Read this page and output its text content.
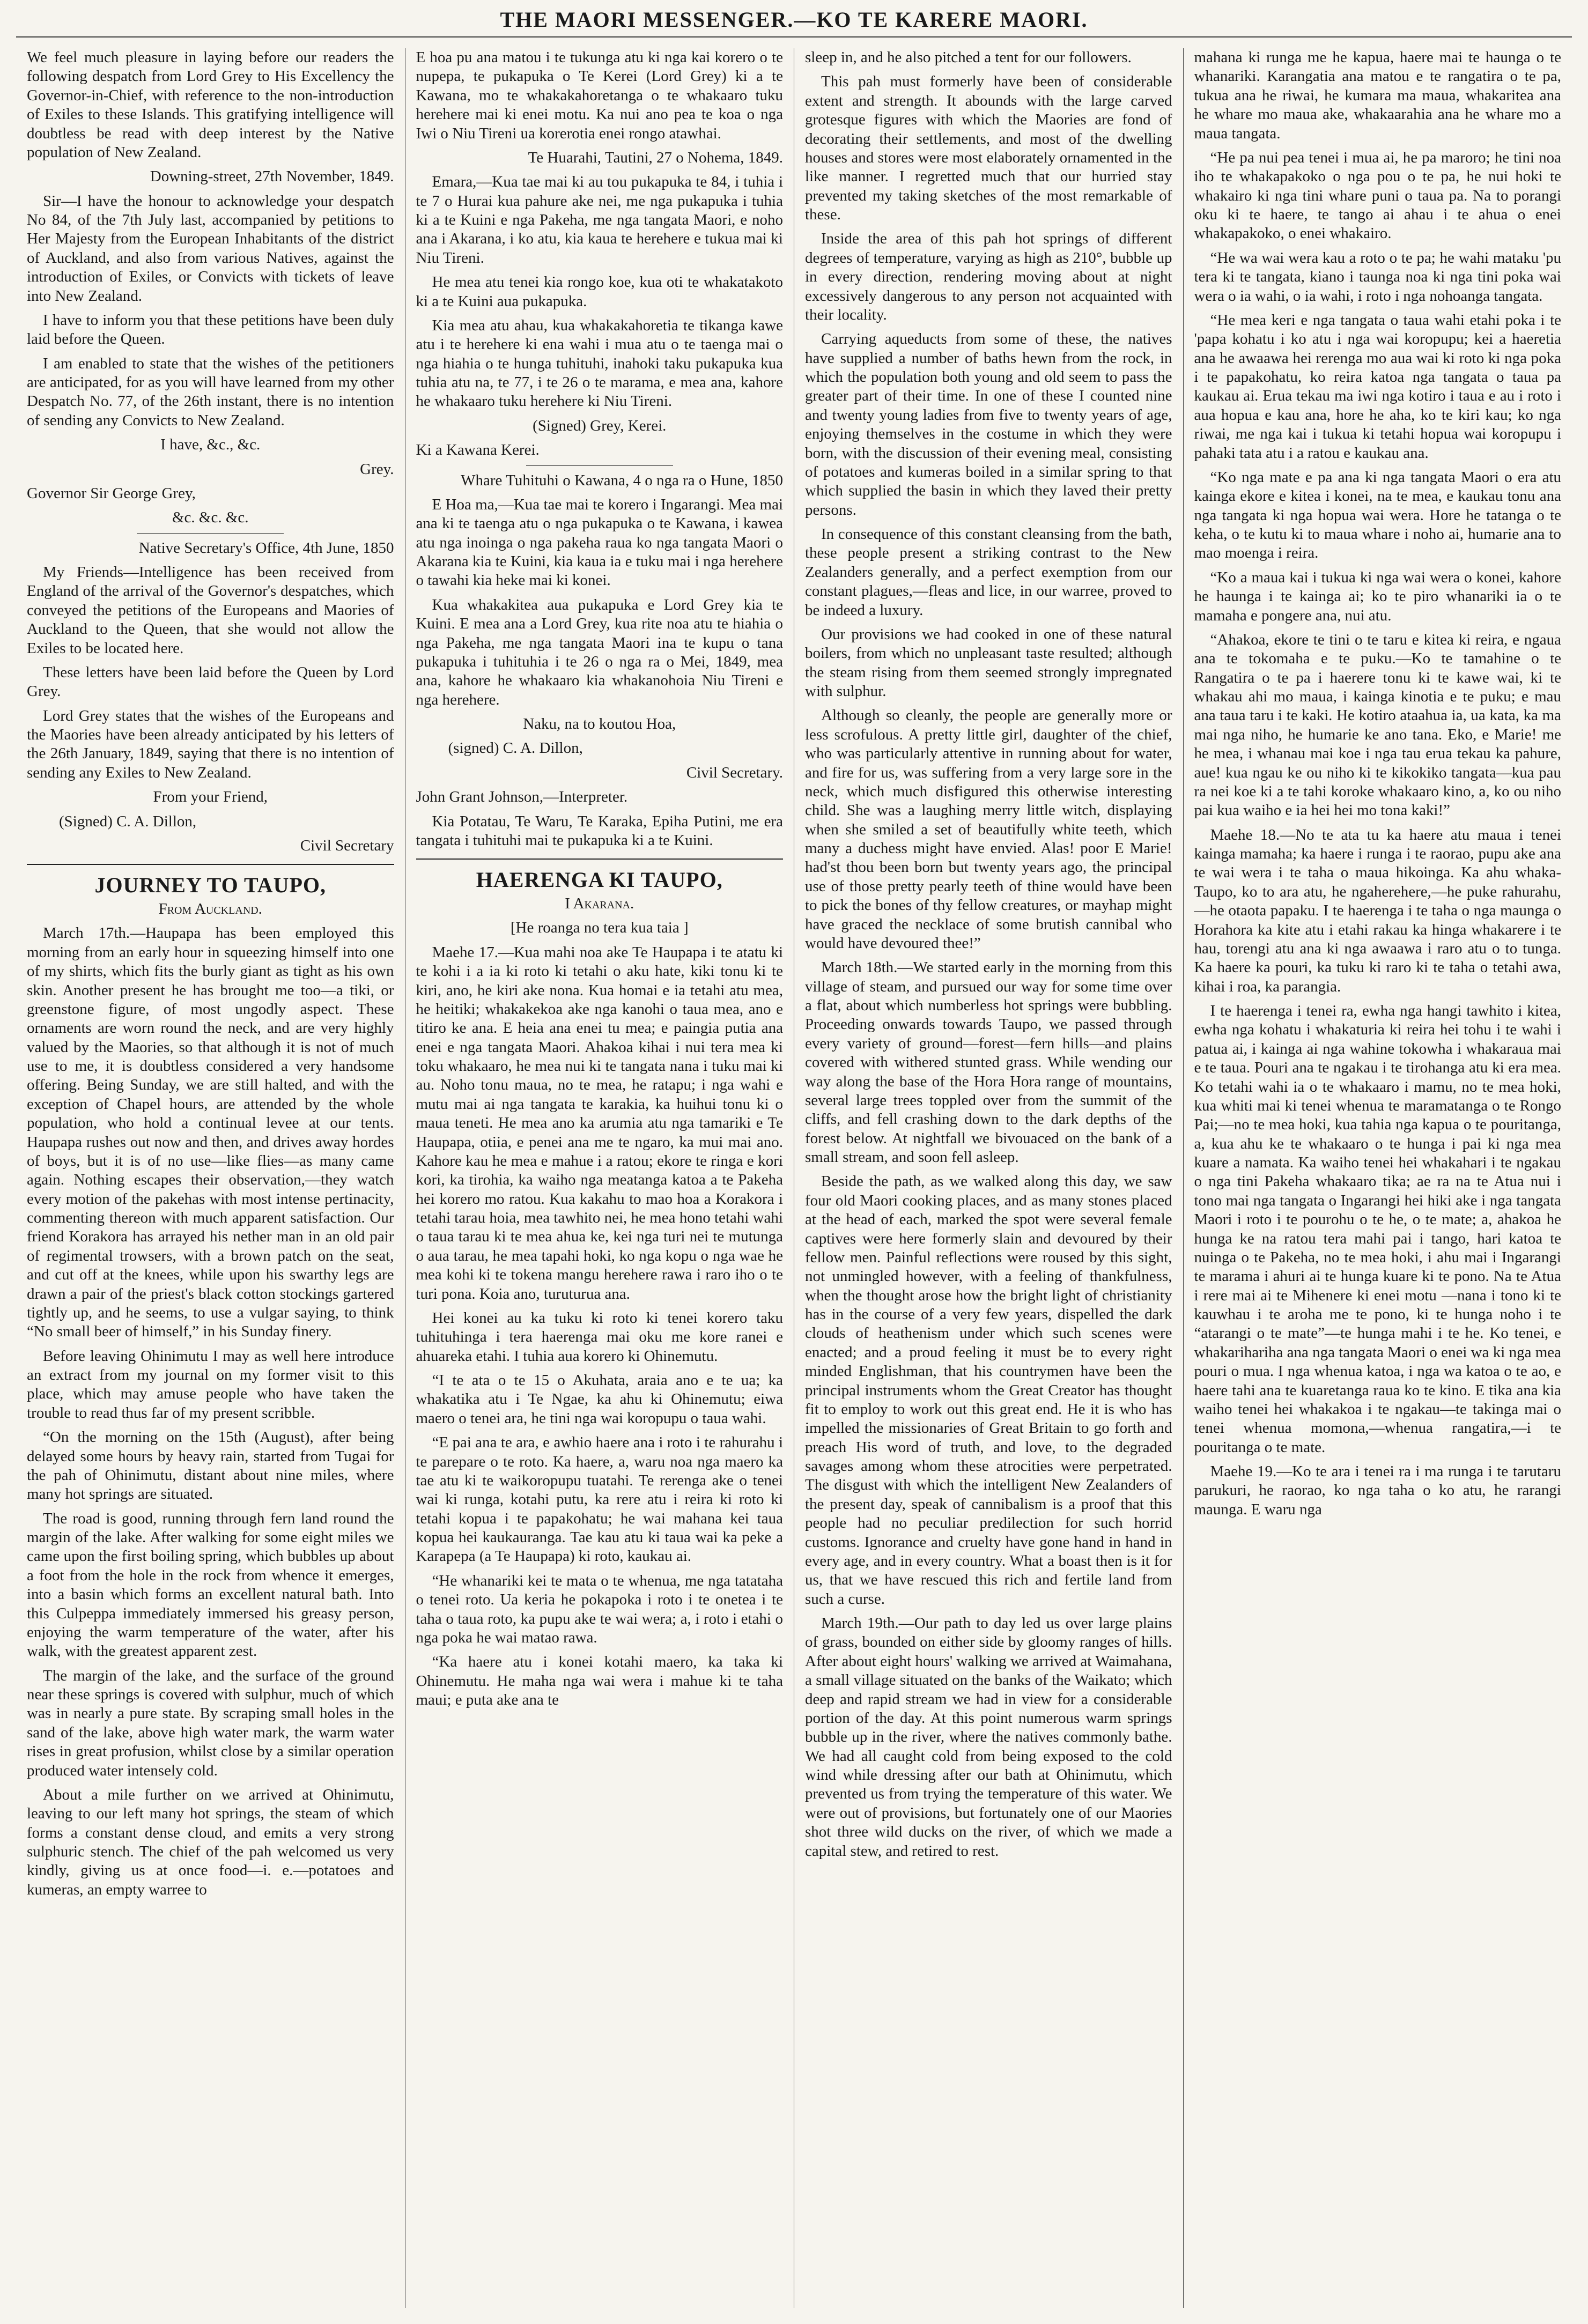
THE MAORI MESSENGER.—KO TE KARERE MAORI.

We feel much pleasure in laying before our readers the following despatch from Lord Grey to His Excellency the Governor-in-Chief, with reference to the non-introduction of Exiles to these Islands. This gratifying intelligence will doubtless be read with deep interest by the Native population of New Zealand.

Downing-street, 27th November, 1849.

Sir—I have the honour to acknowledge your despatch No 84, of the 7th July last, accompanied by petitions to Her Majesty from the European Inhabitants of the district of Auckland, and also from various Natives, against the introduction of Exiles, or Convicts with tickets of leave into New Zealand.

I have to inform you that these petitions have been duly laid before the Queen.

I am enabled to state that the wishes of the petitioners are anticipated, for as you will have learned from my other Despatch No. 77, of the 26th instant, there is no intention of sending any Convicts to New Zealand.

I have, &c., &c.

Grey.

Governor Sir George Grey,

&c. &c. &c.

Native Secretary's Office, 4th June, 1850

My Friends—Intelligence has been received from England of the arrival of the Governor's despatches, which conveyed the petitions of the Europeans and Maories of Auckland to the Queen, that she would not allow the Exiles to be located here.

These letters have been laid before the Queen by Lord Grey.

Lord Grey states that the wishes of the Europeans and the Maories have been already anticipated by his letters of the 26th January, 1849, saying that there is no intention of sending any Exiles to New Zealand.

From your Friend,

(Signed) C. A. Dillon,

Civil Secretary

JOURNEY TO TAUPO,
From Auckland.

March 17th.—Haupapa has been employed this morning from an early hour in squeezing himself into one of my shirts, which fits the burly giant as tight as his own skin. Another present he has brought me too—a tiki, or greenstone figure, of most ungodly aspect. These ornaments are worn round the neck, and are very highly valued by the Maories, so that although it is not of much use to me, it is doubtless considered a very handsome offering. Being Sunday, we are still halted, and with the exception of Chapel hours, are attended by the whole population, who hold a continual levee at our tents. Haupapa rushes out now and then, and drives away hordes of boys, but it is of no use—like flies—as many came again. Nothing escapes their observation,—they watch every motion of the pakehas with most intense pertinacity, commenting thereon with much apparent satisfaction. Our friend Korakora has arrayed his nether man in an old pair of regimental trowsers, with a brown patch on the seat, and cut off at the knees, while upon his swarthy legs are drawn a pair of the priest's black cotton stockings gartered tightly up, and he seems, to use a vulgar saying, to think “No small beer of himself,” in his Sunday finery.

Before leaving Ohinimutu I may as well here introduce an extract from my journal on my former visit to this place, which may amuse people who have taken the trouble to read thus far of my present scribble.

“On the morning on the 15th (August), after being delayed some hours by heavy rain, started from Tugai for the pah of Ohinimutu, distant about nine miles, where many hot springs are situated.

The road is good, running through fern land round the margin of the lake. After walking for some eight miles we came upon the first boiling spring, which bubbles up about a foot from the hole in the rock from whence it emerges, into a basin which forms an excellent natural bath. Into this Culpeppa immediately immersed his greasy person, enjoying the warm temperature of the water, after his walk, with the greatest apparent zest.

The margin of the lake, and the surface of the ground near these springs is covered with sulphur, much of which was in nearly a pure state. By scraping small holes in the sand of the lake, above high water mark, the warm water rises in great profusion, whilst close by a similar operation produced water intensely cold.

About a mile further on we arrived at Ohinimutu, leaving to our left many hot springs, the steam of which forms a constant dense cloud, and emits a very strong sulphuric stench. The chief of the pah welcomed us very kindly, giving us at once food—i. e.—potatoes and kumeras, an empty warree to

E hoa pu ana matou i te tukunga atu ki nga kai korero o te nupepa, te pukapuka o Te Kerei (Lord Grey) ki a te Kawana, mo te whakakahoretanga o te whakaaro tuku herehere mai ki enei motu. Ka nui ano pea te koa o nga Iwi o Niu Tireni ua korerotia enei rongo atawhai.

Te Huarahi, Tautini, 27 o Nohema, 1849.

Emara,—Kua tae mai ki au tou pukapuka te 84, i tuhia i te 7 o Hurai kua pahure ake nei, me nga pukapuka i tuhia ki a te Kuini e nga Pakeha, me nga tangata Maori, e noho ana i Akarana, i ko atu, kia kaua te herehere e tukua mai ki Niu Tireni.

He mea atu tenei kia rongo koe, kua oti te whakatakoto ki a te Kuini aua pukapuka.

Kia mea atu ahau, kua whakakahoretia te tikanga kawe atu i te herehere ki ena wahi i mua atu o te taenga mai o nga hiahia o te hunga tuhituhi, inahoki taku pukapuka kua tuhia atu na, te 77, i te 26 o te marama, e mea ana, kahore he whakaaro tuku herehere ki Niu Tireni.

(Signed) Grey, Kerei.

Ki a Kawana Kerei.

Whare Tuhituhi o Kawana, 4 o nga ra o Hune, 1850

E Hoa ma,—Kua tae mai te korero i Ingarangi. Mea mai ana ki te taenga atu o nga pukapuka o te Kawana, i kawea atu nga inoinga o nga pakeha raua ko nga tangata Maori o Akarana kia te Kuini, kia kaua ia e tuku mai i nga herehere o tawahi kia heke mai ki konei.

Kua whakakitea aua pukapuka e Lord Grey kia te Kuini. E mea ana a Lord Grey, kua rite noa atu te hiahia o nga Pakeha, me nga tangata Maori ina te kupu o tana pukapuka i tuhituhia i te 26 o nga ra o Mei, 1849, mea ana, kahore he whakaaro kia whakanohoia Niu Tireni e nga herehere.

Naku, na to koutou Hoa,

(signed) C. A. Dillon,

Civil Secretary.

John Grant Johnson,—Interpreter.

Kia Potatau, Te Waru, Te Karaka, Epiha Putini, me era tangata i tuhituhi mai te pukapuka ki a te Kuini.

HAERENGA KI TAUPO,
I Akarana.
[He roanga no tera kua taia ]

Maehe 17.—Kua mahi noa ake Te Haupapa i te atatu ki te kohi i a ia ki roto ki tetahi o aku hate, kiki tonu ki te kiri, ano, he kiri ake nona. Kua homai e ia tetahi atu mea, he heitiki; whakakekoa ake nga kanohi o taua mea, ano e titiro ke ana. E heia ana enei tu mea; e paingia putia ana enei e nga tangata Maori. Ahakoa kihai i nui tera mea ki toku whakaaro, he mea nui ki te tangata nana i tuku mai ki au. Noho tonu maua, no te mea, he ratapu; i nga wahi e mutu mai ai nga tangata te karakia, ka huihui tonu ki o maua teneti. He mea ano ka arumia atu nga tamariki e Te Haupapa, otiia, e penei ana me te ngaro, ka mui mai ano. Kahore kau he mea e mahue i a ratou; ekore te ringa e kori kori, ka tirohia, ka waiho nga meatanga katoa a te Pakeha hei korero mo ratou. Kua kakahu to mao hoa a Korakora i tetahi tarau hoia, mea tawhito nei, he mea hono tetahi wahi o taua tarau ki te mea ahua ke, kei nga turi nei te mutunga o aua tarau, he mea tapahi hoki, ko nga kopu o nga wae he mea kohi ki te tokena mangu herehere rawa i raro iho o te turi pona. Koia ano, turuturua ana.

Hei konei au ka tuku ki roto ki tenei korero taku tuhituhinga i tera haerenga mai oku me kore ranei e ahuareka etahi. I tuhia aua korero ki Ohinemutu.

“I te ata o te 15 o Akuhata, araia ano e te ua; ka whakatika atu i Te Ngae, ka ahu ki Ohinemutu; eiwa maero o tenei ara, he tini nga wai koropupu o taua wahi.

“E pai ana te ara, e awhio haere ana i roto i te rahurahu i te parepare o te roto. Ka haere, a, waru noa nga maero ka tae atu ki te waikoropupu tuatahi. Te rerenga ake o tenei wai ki runga, kotahi putu, ka rere atu i reira ki roto ki tetahi kopua i te papakohatu; he wai mahana kei taua kopua hei kaukauranga. Tae kau atu ki taua wai ka peke a Karapepa (a Te Haupapa) ki roto, kaukau ai.

“He whanariki kei te mata o te whenua, me nga tatataha o tenei roto. Ua keria he pokapoka i roto i te onetea i te taha o taua roto, ka pupu ake te wai wera; a, i roto i etahi o nga poka he wai matao rawa.

“Ka haere atu i konei kotahi maero, ka taka ki Ohinemutu. He maha nga wai wera i mahue ki te taha maui; e puta ake ana te

sleep in, and he also pitched a tent for our followers.

This pah must formerly have been of considerable extent and strength. It abounds with the large carved grotesque figures with which the Maories are fond of decorating their settlements, and most of the dwelling houses and stores were most elaborately ornamented in the like manner. I regretted much that our hurried stay prevented my taking sketches of the most remarkable of these.

Inside the area of this pah hot springs of different degrees of temperature, varying as high as 210°, bubble up in every direction, rendering moving about at night excessively dangerous to any person not acquainted with their locality.

Carrying aqueducts from some of these, the natives have supplied a number of baths hewn from the rock, in which the population both young and old seem to pass the greater part of their time. In one of these I counted nine and twenty young ladies from five to twenty years of age, enjoying themselves in the costume in which they were born, with the discussion of their evening meal, consisting of potatoes and kumeras boiled in a similar spring to that which supplied the basin in which they laved their pretty persons.

In consequence of this constant cleansing from the bath, these people present a striking contrast to the New Zealanders generally, and a perfect exemption from our constant plagues,—fleas and lice, in our warree, proved to be indeed a luxury.

Our provisions we had cooked in one of these natural boilers, from which no unpleasant taste resulted; although the steam rising from them seemed strongly impregnated with sulphur.

Although so cleanly, the people are generally more or less scrofulous. A pretty little girl, daughter of the chief, who was particularly attentive in running about for water, and fire for us, was suffering from a very large sore in the neck, which much disfigured this otherwise interesting child. She was a laughing merry little witch, displaying when she smiled a set of beautifully white teeth, which many a duchess might have envied. Alas! poor E Marie! had'st thou been born but twenty years ago, the principal use of those pretty pearly teeth of thine would have been to pick the bones of thy fellow creatures, or mayhap might have graced the necklace of some brutish cannibal who would have devoured thee!”

March 18th.—We started early in the morning from this village of steam, and pursued our way for some time over a flat, about which numberless hot springs were bubbling. Proceeding onwards towards Taupo, we passed through every variety of ground—forest—fern hills—and plains covered with withered stunted grass. While wending our way along the base of the Hora Hora range of mountains, several large trees toppled over from the summit of the cliffs, and fell crashing down to the dark depths of the forest below. At nightfall we bivouaced on the bank of a small stream, and soon fell asleep.

Beside the path, as we walked along this day, we saw four old Maori cooking places, and as many stones placed at the head of each, marked the spot were several female captives were here formerly slain and devoured by their fellow men. Painful reflections were roused by this sight, not unmingled however, with a feeling of thankfulness, when the thought arose how the bright light of christianity has in the course of a very few years, dispelled the dark clouds of heathenism under which such scenes were enacted; and a proud feeling it must be to every right minded Englishman, that his countrymen have been the principal instruments whom the Great Creator has thought fit to employ to work out this great end. He it is who has impelled the missionaries of Great Britain to go forth and preach His word of truth, and love, to the degraded savages among whom these atrocities were perpetrated. The disgust with which the intelligent New Zealanders of the present day, speak of cannibalism is a proof that this people had no peculiar predilection for such horrid customs. Ignorance and cruelty have gone hand in hand in every age, and in every country. What a boast then is it for us, that we have rescued this rich and fertile land from such a curse.

March 19th.—Our path to day led us over large plains of grass, bounded on either side by gloomy ranges of hills. After about eight hours' walking we arrived at Waimahana, a small village situated on the banks of the Waikato; which deep and rapid stream we had in view for a considerable portion of the day. At this point numerous warm springs bubble up in the river, where the natives commonly bathe. We had all caught cold from being exposed to the cold wind while dressing after our bath at Ohinimutu, which prevented us from trying the temperature of this water. We were out of provisions, but fortunately one of our Maories shot three wild ducks on the river, of which we made a capital stew, and retired to rest.

mahana ki runga me he kapua, haere mai te haunga o te whanariki. Karangatia ana matou e te rangatira o te pa, tukua ana he riwai, he kumara ma maua, whakaritea ana he whare mo maua ake, whakaarahia ana he whare mo a maua tangata.

“He pa nui pea tenei i mua ai, he pa maroro; he tini noa iho te whakapakoko o nga pou o te pa, he nui hoki te whakairo ki nga tini whare puni o taua pa. Na to porangi oku ki te haere, te tango ai ahau i te ahua o enei whakapakoko, o enei whakairo.

“He wa wai wera kau a roto o te pa; he wahi mataku 'pu tera ki te tangata, kiano i taunga noa ki nga tini poka wai wera o ia wahi, o ia wahi, i roto i nga nohoanga tangata.

“He mea keri e nga tangata o taua wahi etahi poka i te 'papa kohatu i ko atu i nga wai koropupu; kei a haeretia ana he awaawa hei rerenga mo aua wai ki roto ki nga poka i te papakohatu, ko reira katoa nga tangata o taua pa kaukau ai. Erua tekau ma iwi nga kotiro i taua e au i roto i aua hopua e kau ana, hore he aha, ko te kiri kau; ko nga riwai, me nga kai i tukua ki tetahi hopua wai koropupu i pahaki tata atu i a ratou e kaukau ana.

“Ko nga mate e pa ana ki nga tangata Maori o era atu kainga ekore e kitea i konei, na te mea, e kaukau tonu ana nga tangata ki nga hopua wai wera. Hore he tatanga o te keha, o te kutu ki to maua whare i noho ai, humarie ana to mao moenga i reira.

“Ko a maua kai i tukua ki nga wai wera o konei, kahore he haunga i te kainga ai; ko te piro whanariki ia o te mamaha e pongere ana, nui atu.

“Ahakoa, ekore te tini o te taru e kitea ki reira, e ngaua ana te tokomaha e te puku.—Ko te tamahine o te Rangatira o te pa i haerere tonu ki te kawe wai, ki te whakau ahi mo maua, i kainga kinotia e te puku; e mau ana taua taru i te kaki. He kotiro ataahua ia, ua kata, ka ma mai nga niho, he humarie ke ano tana. Eko, e Marie! me he mea, i whanau mai koe i nga tau erua tekau ka pahure, aue! kua ngau ke ou niho ki te kikokiko tangata—kua pau ra nei koe ki a te tahi koroke whakaaro kino, a, ko ou niho pai kua waiho e ia hei hei mo tona kaki!”

Maehe 18.—No te ata tu ka haere atu maua i tenei kainga mamaha; ka haere i runga i te raorao, pupu ake ana te wai wera i te taha o maua hikoinga. Ka ahu whaka-Taupo, ko to ara atu, he ngaherehere,—he puke rahurahu,—he otaota papaku. I te haerenga i te taha o nga maunga o Horahora ka kite atu i etahi rakau ka hinga whakarere i te hau, torengi atu ana ki nga awaawa i raro atu o to tunga. Ka haere ka pouri, ka tuku ki raro ki te taha o tetahi awa, kihai i roa, ka parangia.

I te haerenga i tenei ra, ewha nga hangi tawhito i kitea, ewha nga kohatu i whakaturia ki reira hei tohu i te wahi i patua ai, i kainga ai nga wahine tokowha i whakaraua mai e te taua. Pouri ana te ngakau i te tirohanga atu ki era mea. Ko tetahi wahi ia o te whakaaro i mamu, no te mea hoki, kua whiti mai ki tenei whenua te maramatanga o te Rongo Pai;—no te mea hoki, kua tahia nga kapua o te pouritanga, a, kua ahu ke te whakaaro o te hunga i pai ki nga mea kuare a namata. Ka waiho tenei hei whakahari i te ngakau o nga tini Pakeha whakaaro tika; ae ra na te Atua nui i tono mai nga tangata o Ingarangi hei hiki ake i nga tangata Maori i roto i te pourohu o te he, o te mate; a, ahakoa he hunga ke na ratou tera mahi pai i tango, hari katoa te nuinga o te Pakeha, no te mea hoki, i ahu mai i Ingarangi te marama i ahuri ai te hunga kuare ki te pono. Na te Atua i rere mai ai te Mihenere ki enei motu —nana i tono ki te kauwhau i te aroha me te pono, ki te hunga noho i te “atarangi o te mate”—te hunga mahi i te he. Ko tenei, e whakarihariha ana nga tangata Maori o enei wa ki nga mea pouri o mua. I nga whenua katoa, i nga wa katoa o te ao, e haere tahi ana te kuaretanga raua ko te kino. E tika ana kia waiho tenei hei whakakoa i te ngakau—te takinga mai o tenei whenua momona,—whenua rangatira,—i te pouritanga o te mate.

Maehe 19.—Ko te ara i tenei ra i ma runga i te tarutaru parukuri, he raorao, ko nga taha o ko atu, he rarangi maunga. E waru nga
